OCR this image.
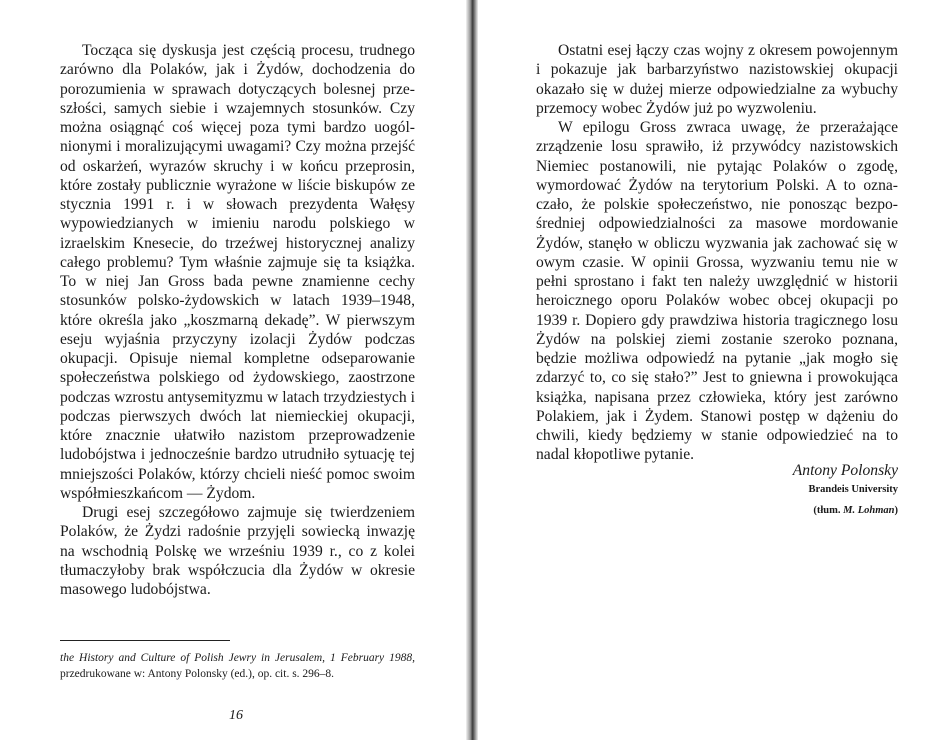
Tocząca się dyskusja jest częścią procesu, trudnego zarówno dla Polaków, jak i Żydów, dochodzenia do porozumienia w sprawach dotyczących bolesnej przeszłości, samych siebie i wzajemnych stosunków. Czy można osiągnąć coś więcej poza tymi bardzo uogólnionymi i moralizującymi uwagami? Czy można przejść od oskarżeń, wyrazów skruchy i w końcu przeprosin, które zostały publicznie wyrażone w liście biskupów ze stycznia 1991 r. i w słowach prezydenta Wałęsy wypowiedzianych w imieniu narodu polskiego w izraelskim Knesecie, do trzeźwej historycznej analizy całego problemu? Tym właśnie zajmuje się ta książka. To w niej Jan Gross bada pewne znamienne cechy stosunków polsko-żydowskich w latach 1939–1948, które określa jako „koszmarną dekadę”. W pierwszym eseju wyjaśnia przyczyny izolacji Żydów podczas okupacji. Opisuje niemal kompletne odseparowanie społeczeństwa polskiego od żydowskiego, zaostrzone podczas wzrostu antysemityzmu w latach trzydziestych i podczas pierwszych dwóch lat niemieckiej okupacji, które znacznie ułatwiło nazistom przeprowadzenie ludobójstwa i jednocześnie bardzo utrudniło sytuację tej mniejszości Polaków, którzy chcieli nieść pomoc swoim współmieszkańcom — Żydom.

Drugi esej szczegółowo zajmuje się twierdzeniem Polaków, że Żydzi radośnie przyjęli sowiecką inwazję na wschodnią Polskę we wrześniu 1939 r., co z kolei tłumaczyłoby brak współczucia dla Żydów w okresie masowego ludobójstwa.

the History and Culture of Polish Jewry in Jerusalem, 1 February 1988, przedrukowane w: Antony Polonsky (ed.), op. cit. s. 296–8.
16

Ostatni esej łączy czas wojny z okresem powojennym i pokazuje jak barbarzyństwo nazistowskiej okupacji okazało się w dużej mierze odpowiedzialne za wybuchy przemocy wobec Żydów już po wyzwoleniu.

W epilogu Gross zwraca uwagę, że przerażające zrządzenie losu sprawiło, iż przywódcy nazistowskich Niemiec postanowili, nie pytając Polaków o zgodę, wymordować Żydów na terytorium Polski. A to oznaczało, że polskie społeczeństwo, nie ponosząc bezpośredniej odpowiedzialności za masowe mordowanie Żydów, stanęło w obliczu wyzwania jak zachować się w owym czasie. W opinii Grossa, wyzwaniu temu nie w pełni sprostano i fakt ten należy uwzględnić w historii heroicznego oporu Polaków wobec obcej okupacji po 1939 r. Dopiero gdy prawdziwa historia tragicznego losu Żydów na polskiej ziemi zostanie szeroko poznana, będzie możliwa odpowiedź na pytanie „jak mogło się zdarzyć to, co się stało?” Jest to gniewna i prowokująca książka, napisana przez człowieka, który jest zarówno Polakiem, jak i Żydem. Stanowi postęp w dążeniu do chwili, kiedy będziemy w stanie odpowiedzieć na to nadal kłopotliwe pytanie.

Antony Polonsky
Brandeis University
(tłum. M. Lohman)
